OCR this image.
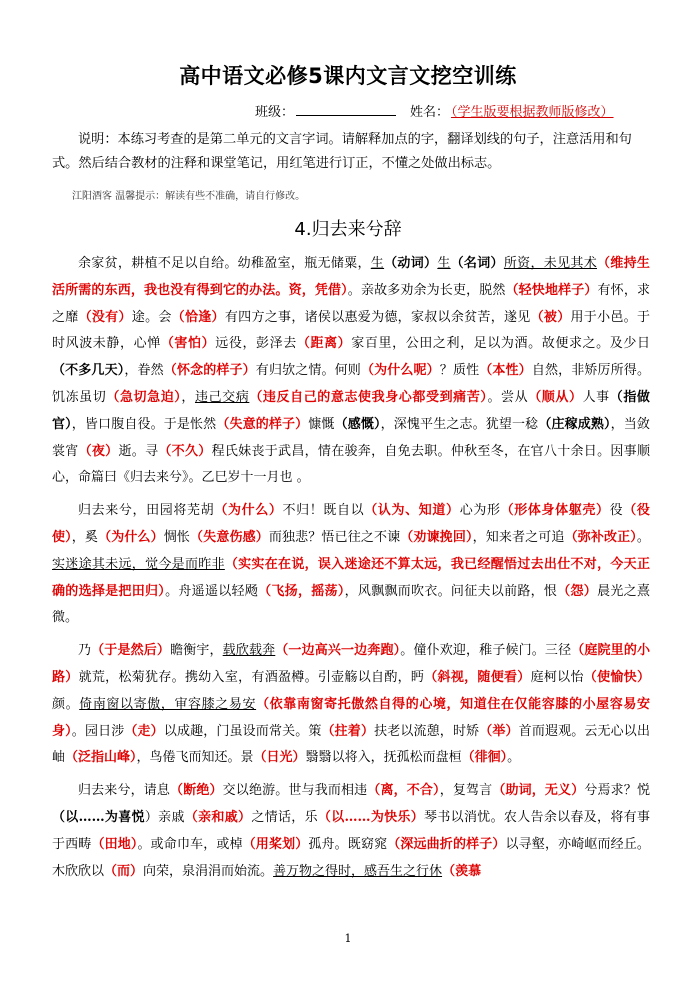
高中语文必修5课内文言文挖空训练
班级：	姓名： （学生版要根据教师版修改）
说明：本练习考查的是第二单元的文言字词。请解释加点的字，翻译划线的句子，注意活用和句式。然后结合教材的注释和课堂笔记，用红笔进行订正，不懂之处做出标志。
江阳酒客 温馨提示：解读有些不准确，请自行修改。
4.归去来兮辞

余家贫，耕植不足以自给。幼稚盈室，瓶无储粟，生（动词）生（名词）所资，未见其术（维持生活所需的东西，我也没有得到它的办法。资，凭借）。亲故多劝余为长吏，脱然（轻快地样子）有怀，求之靡（没有）途。会（恰逢）有四方之事，诸侯以惠爱为德，家叔以余贫苦，遂见（被）用于小邑。于时风波未静，心惮（害怕）远役，彭泽去（距离）家百里，公田之利，足以为酒。故便求之。及少日（不多几天），眷然（怀念的样子）有归欤之情。何则（为什么呢）？质性（本性）自然，非矫厉所得。饥冻虽切（急切急迫），违己交病（违反自己的意志使我身心都受到痛苦）。尝从（顺从）人事（指做官），皆口腹自役。于是怅然（失意的样子）慷慨（感慨），深愧平生之志。犹望一稔（庄稼成熟），当敛裳宵（夜）逝。寻（不久）程氏妹丧于武昌，情在骏奔，自免去职。仲秋至冬，在官八十余日。因事顺心，命篇曰《归去来兮》。乙巳岁十一月也 。

归去来兮，田园将芜胡（为什么）不归！既自以（认为、知道）心为形（形体身体躯壳）役（役使），奚（为什么）惆怅（失意伤感）而独悲？悟已往之不谏（劝谏挽回），知来者之可追（弥补改正）。实迷途其未远，觉今是而昨非（实实在在说，误入迷途还不算太远，我已经醒悟过去出仕不对，今天正确的选择是把田归）。舟遥遥以轻飏（飞扬，摇荡），风飘飘而吹衣。问征夫以前路，恨（怨）晨光之熹微。

乃（于是然后）瞻衡宇，载欣载奔（一边高兴一边奔跑）。僮仆欢迎，稚子候门。三径（庭院里的小路）就荒，松菊犹存。携幼入室，有酒盈樽。引壶觞以自酌，眄（斜视，随便看）庭柯以怡（使愉快）颜。倚南窗以寄傲，审容膝之易安（依靠南窗寄托傲然自得的心境，知道住在仅能容膝的小屋容易安身）。园日涉（走）以成趣，门虽设而常关。策（拄着）扶老以流憩，时矫（举）首而遐观。云无心以出岫（泛指山峰），鸟倦飞而知还。景（日光）翳翳以将入，抚孤松而盘桓（徘徊）。

归去来兮，请息（断绝）交以绝游。世与我而相违（离，不合），复驾言（助词，无义）兮焉求？悦（以……为喜悦）亲戚（亲和戚）之情话，乐（以……为快乐）琴书以消忧。农人告余以春及，将有事于西畴（田地）。或命巾车，或棹（用桨划）孤舟。既窈窕（深远曲折的样子）以寻壑，亦崎岖而经丘。木欣欣以（而）向荣，泉涓涓而始流。善万物之得时，感吾生之行休（羡慕

1
